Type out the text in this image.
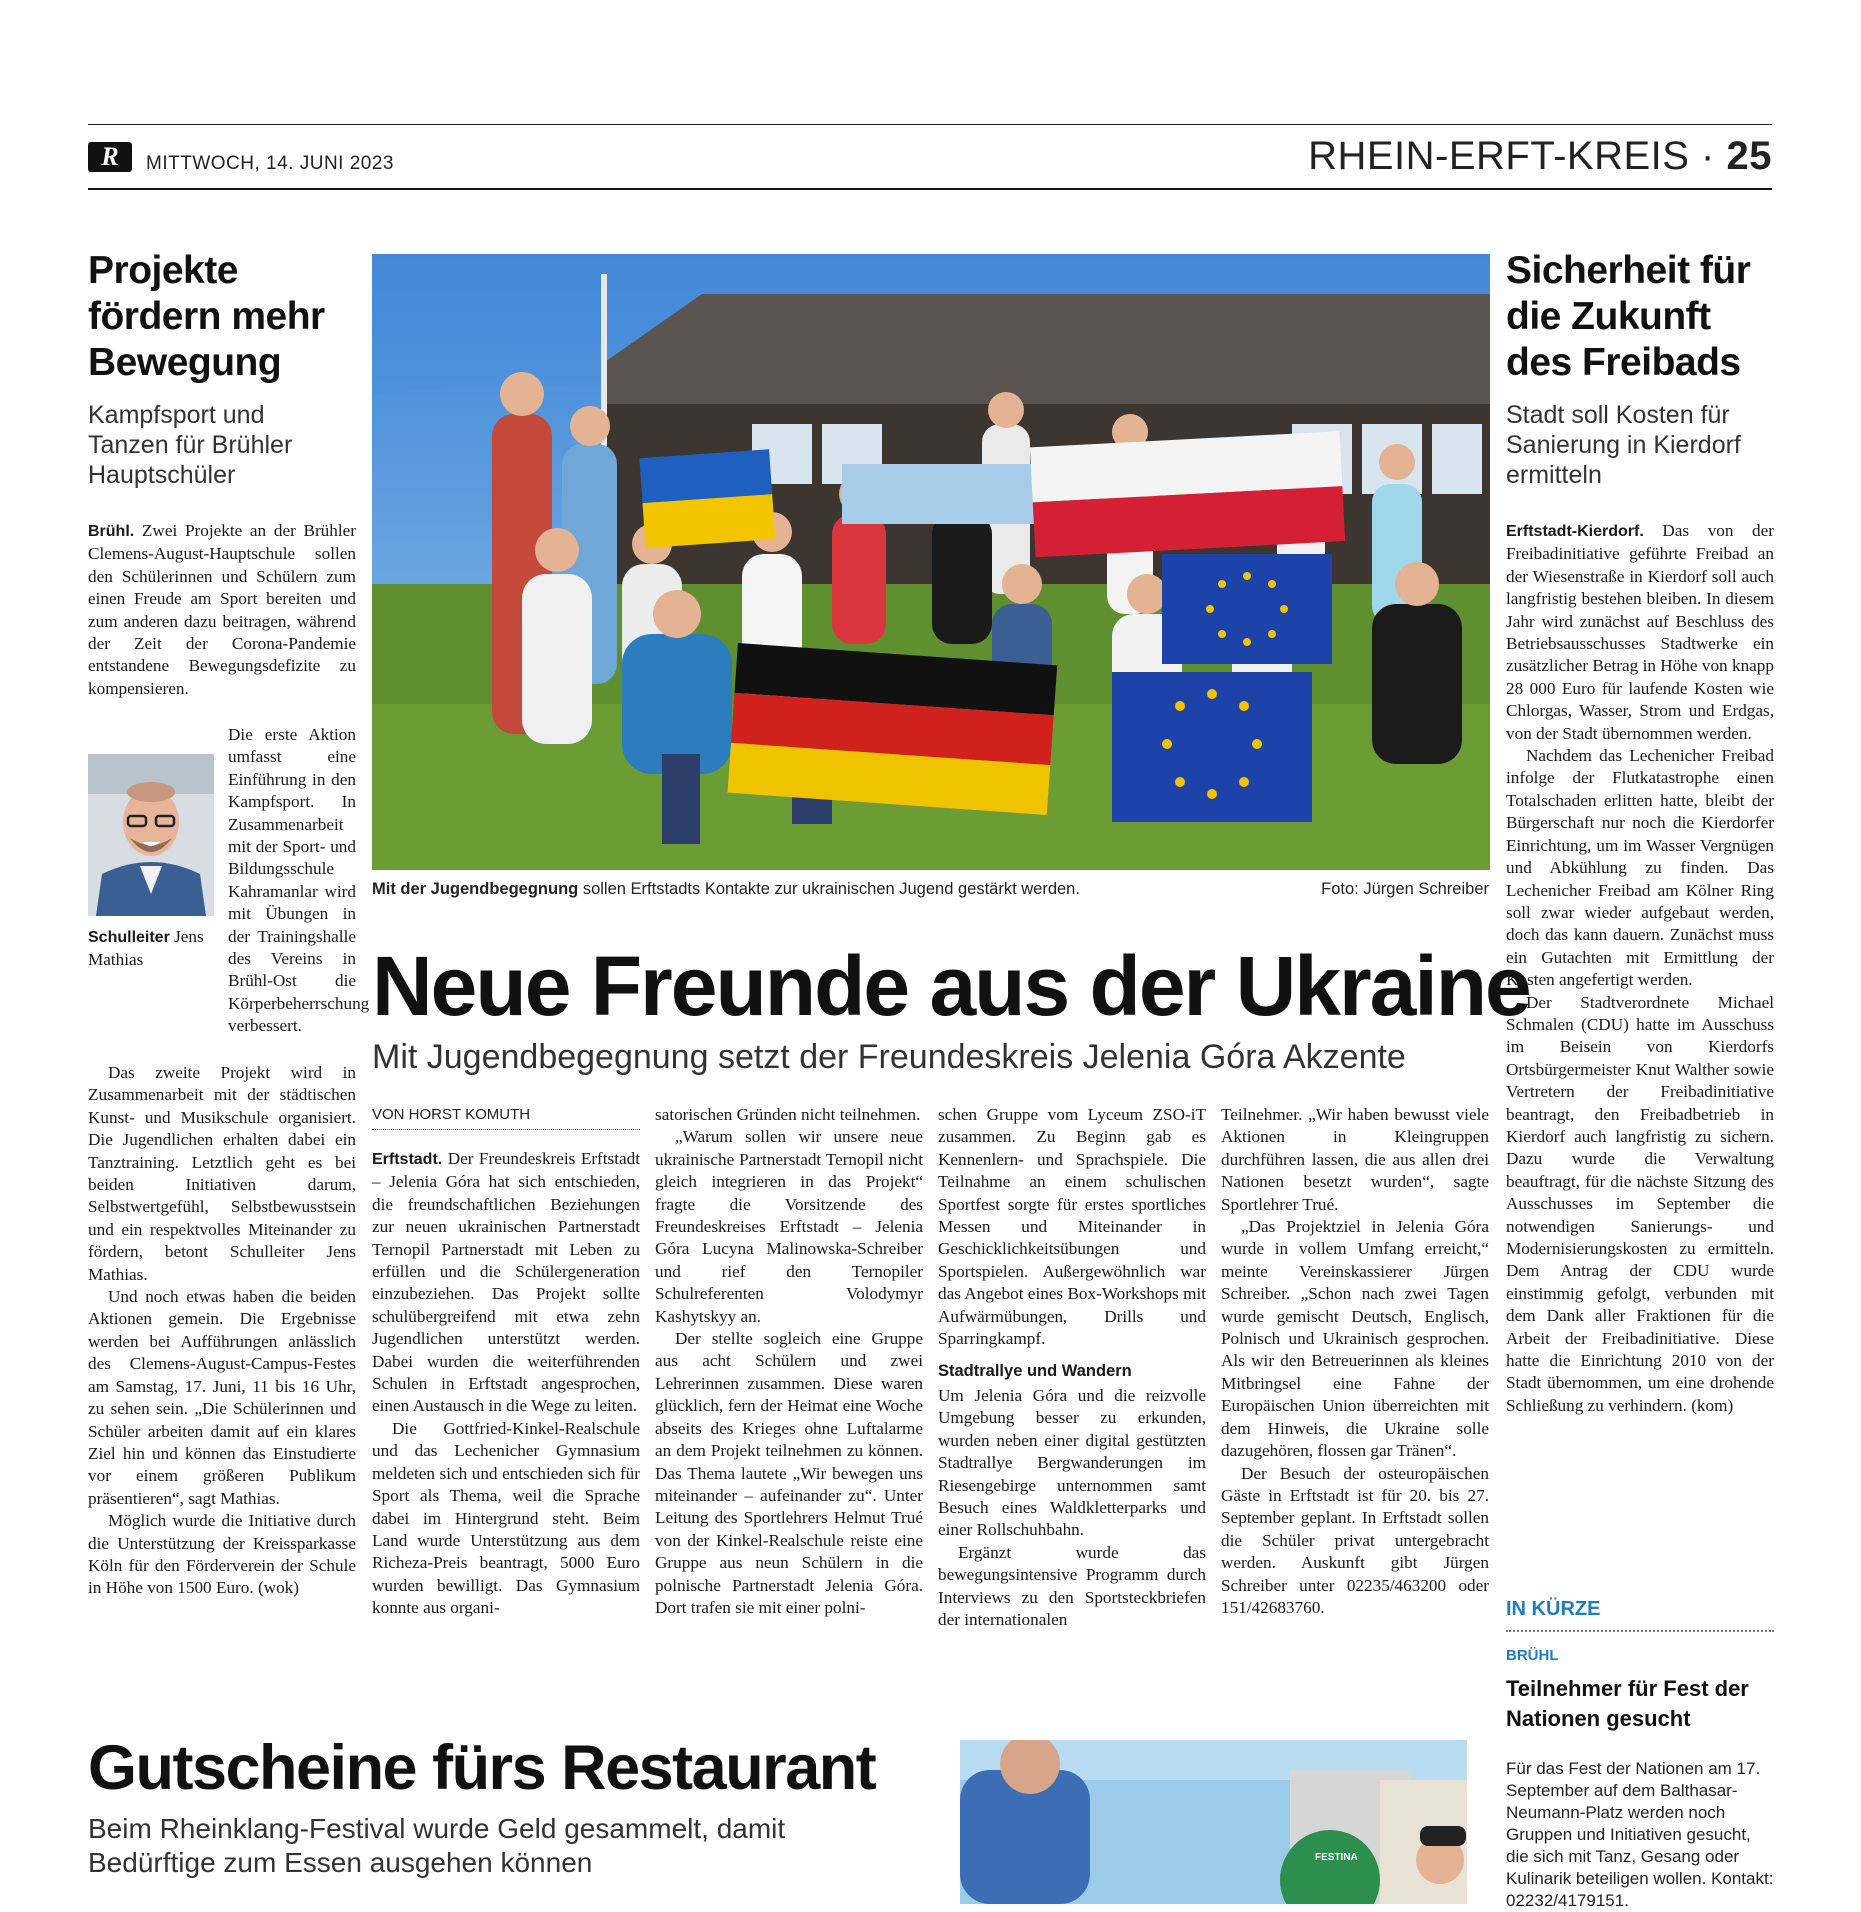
R	MITTWOCH, 14. JUNI 2023	RHEIN-ERFT-KREIS · 25
Projekte fördern mehr Bewegung
Kampfsport und Tanzen für Brühler Hauptschüler

Brühl. Zwei Projekte an der Brühler Clemens-August-Hauptschule sollen den Schülerinnen und Schülern zum einen Freude am Sport bereiten und zum anderen dazu beitragen, während der Zeit der Corona-Pandemie entstandene Bewegungsdefizite zu kompensieren.

Die erste Aktion umfasst eine Einführung in den Kampfsport. In Zusammenarbeit mit der Sport- und Bildungsschule Kahramanlar wird mit Übungen in der Trainingshalle des Vereins in Brühl-Ost die Körperbeherrschung verbessert.

Schulleiter Jens Mathias

Das zweite Projekt wird in Zusammenarbeit mit der städtischen Kunst- und Musikschule organisiert. Die Jugendlichen erhalten dabei ein Tanztraining. Letztlich geht es bei beiden Initiativen darum, Selbstwertgefühl, Selbstbewusstsein und ein respektvolles Miteinander zu fördern, betont Schulleiter Jens Mathias.

Und noch etwas haben die beiden Aktionen gemein. Die Ergebnisse werden bei Aufführungen anlässlich des Clemens-August-Campus-Festes am Samstag, 17. Juni, 11 bis 16 Uhr, zu sehen sein. „Die Schülerinnen und Schüler arbeiten damit auf ein klares Ziel hin und können das Einstudierte vor einem größeren Publikum präsentieren“, sagt Mathias.

Möglich wurde die Initiative durch die Unterstützung der Kreissparkasse Köln für den Förderverein der Schule in Höhe von 1500 Euro. (wok)

Mit der Jugendbegegnung sollen Erftstadts Kontakte zur ukrainischen Jugend gestärkt werden.	Foto: Jürgen Schreiber
Neue Freunde aus der Ukraine
Mit Jugendbegegnung setzt der Freundeskreis Jelenia Góra Akzente
VON HORST KOMUTH

Erftstadt. Der Freundeskreis Erftstadt – Jelenia Góra hat sich entschieden, die freundschaftlichen Beziehungen zur neuen ukrainischen Partnerstadt Ternopil Partnerstadt mit Leben zu erfüllen und die Schülergeneration einzubeziehen. Das Projekt sollte schulübergreifend mit etwa zehn Jugendlichen unterstützt werden. Dabei wurden die weiterführenden Schulen in Erftstadt angesprochen, einen Austausch in die Wege zu leiten.

Die Gottfried-Kinkel-Realschule und das Lechenicher Gymnasium meldeten sich und entschieden sich für Sport als Thema, weil die Sprache dabei im Hintergrund steht. Beim Land wurde Unterstützung aus dem Richeza-Preis beantragt, 5000 Euro wurden bewilligt. Das Gymnasium konnte aus organi-

satorischen Gründen nicht teilnehmen.

„Warum sollen wir unsere neue ukrainische Partnerstadt Ternopil nicht gleich integrieren in das Projekt“ fragte die Vorsitzende des Freundeskreises Erftstadt – Jelenia Góra Lucyna Malinowska-Schreiber und rief den Ternopiler Schulreferenten Volodymyr Kashytskyy an.

Der stellte sogleich eine Gruppe aus acht Schülern und zwei Lehrerinnen zusammen. Diese waren glücklich, fern der Heimat eine Woche abseits des Krieges ohne Luftalarme an dem Projekt teilnehmen zu können. Das Thema lautete „Wir bewegen uns miteinander – aufeinander zu“. Unter Leitung des Sportlehrers Helmut Trué von der Kinkel-Realschule reiste eine Gruppe aus neun Schülern in die polnische Partnerstadt Jelenia Góra. Dort trafen sie mit einer polni-

schen Gruppe vom Lyceum ZSO-iT zusammen. Zu Beginn gab es Kennenlern- und Sprachspiele. Die Teilnahme an einem schulischen Sportfest sorgte für erstes sportliches Messen und Miteinander in Geschicklichkeitsübungen und Sportspielen. Außergewöhnlich war das Angebot eines Box-Workshops mit Aufwärmübungen, Drills und Sparringkampf.

Stadtrallye und Wandern

Um Jelenia Góra und die reizvolle Umgebung besser zu erkunden, wurden neben einer digital gestützten Stadtrallye Bergwanderungen im Riesengebirge unternommen samt Besuch eines Waldkletterparks und einer Rollschuhbahn.

Ergänzt wurde das bewegungsintensive Programm durch Interviews zu den Sportsteckbriefen der internationalen

Teilnehmer. „Wir haben bewusst viele Aktionen in Kleingruppen durchführen lassen, die aus allen drei Nationen besetzt wurden“, sagte Sportlehrer Trué.

„Das Projektziel in Jelenia Góra wurde in vollem Umfang erreicht,“ meinte Vereinskassierer Jürgen Schreiber. „Schon nach zwei Tagen wurde gemischt Deutsch, Englisch, Polnisch und Ukrainisch gesprochen. Als wir den Betreuerinnen als kleines Mitbringsel eine Fahne der Europäischen Union überreichten mit dem Hinweis, die Ukraine solle dazugehören, flossen gar Tränen“.

Der Besuch der osteuropäischen Gäste in Erftstadt ist für 20. bis 27. September geplant. In Erftstadt sollen die Schüler privat untergebracht werden. Auskunft gibt Jürgen Schreiber unter 02235/463200 oder 151/42683760.

Sicherheit für die Zukunft des Freibads
Stadt soll Kosten für Sanierung in Kierdorf ermitteln

Erftstadt-Kierdorf. Das von der Freibadinitiative geführte Freibad an der Wiesenstraße in Kierdorf soll auch langfristig bestehen bleiben. In diesem Jahr wird zunächst auf Beschluss des Betriebsausschusses Stadtwerke ein zusätzlicher Betrag in Höhe von knapp 28 000 Euro für laufende Kosten wie Chlorgas, Wasser, Strom und Erdgas, von der Stadt übernommen werden.

Nachdem das Lechenicher Freibad infolge der Flutkatastrophe einen Totalschaden erlitten hatte, bleibt der Bürgerschaft nur noch die Kierdorfer Einrichtung, um im Wasser Vergnügen und Abkühlung zu finden. Das Lechenicher Freibad am Kölner Ring soll zwar wieder aufgebaut werden, doch das kann dauern. Zunächst muss ein Gutachten mit Ermittlung der Kosten angefertigt werden.

Der Stadtverordnete Michael Schmalen (CDU) hatte im Ausschuss im Beisein von Kierdorfs Ortsbürgermeister Knut Walther sowie Vertretern der Freibadinitiative beantragt, den Freibadbetrieb in Kierdorf auch langfristig zu sichern. Dazu wurde die Verwaltung beauftragt, für die nächste Sitzung des Ausschusses im September die notwendigen Sanierungs- und Modernisierungskosten zu ermitteln. Dem Antrag der CDU wurde einstimmig gefolgt, verbunden mit dem Dank aller Fraktionen für die Arbeit der Freibadinitiative. Diese hatte die Einrichtung 2010 von der Stadt übernommen, um eine drohende Schließung zu verhindern. (kom)

IN KÜRZE
BRÜHL
Teilnehmer für Fest der Nationen gesucht
Für das Fest der Nationen am 17. September auf dem Balthasar-Neumann-Platz werden noch Gruppen und Initiativen gesucht, die sich mit Tanz, Gesang oder Kulinarik beteiligen wollen. Kontakt: 02232/4179151.
Gutscheine fürs Restaurant
Beim Rheinklang-Festival wurde Geld gesammelt, damit Bedürftige zum Essen ausgehen können	FESTINA
